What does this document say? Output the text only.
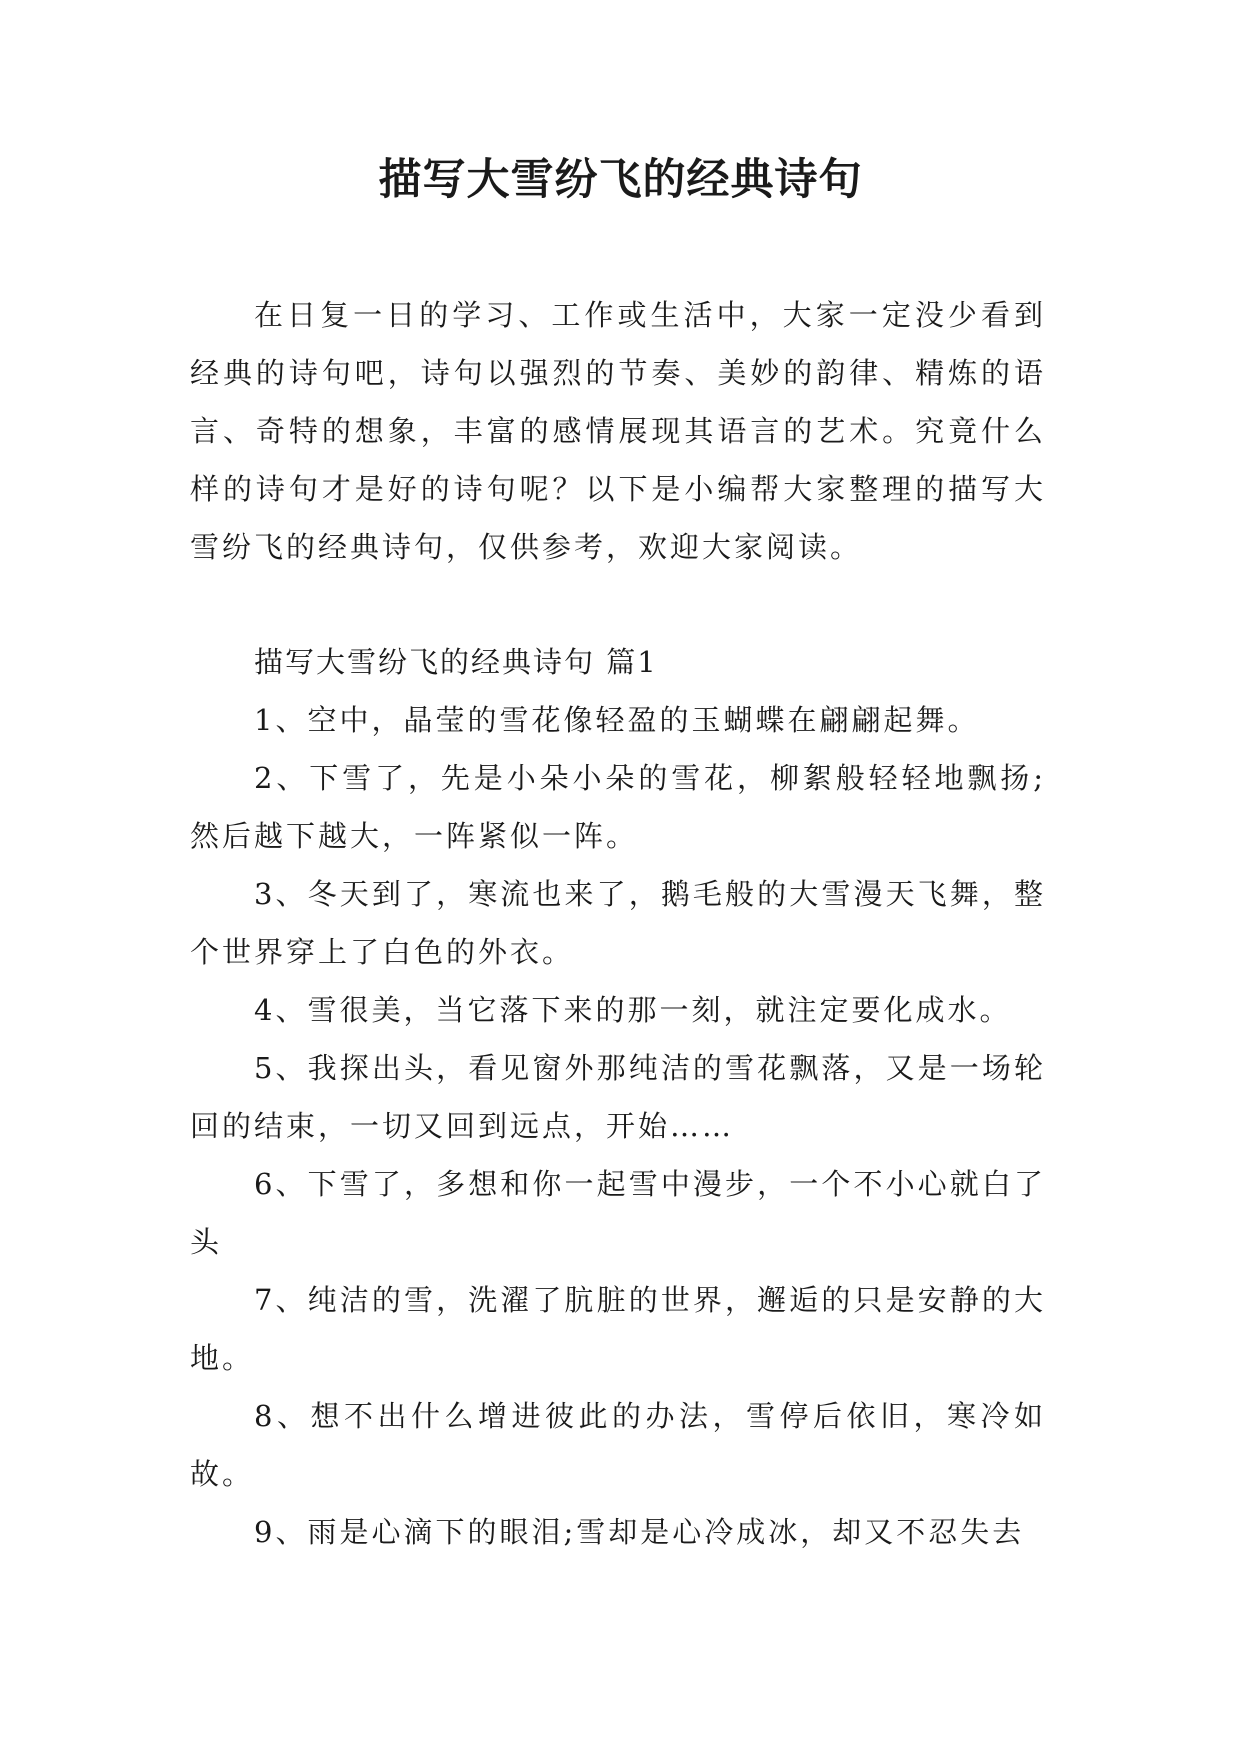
描写大雪纷飞的经典诗句

在日复一日的学习、工作或生活中，大家一定没少看到经典的诗句吧，诗句以强烈的节奏、美妙的韵律、精炼的语言、奇特的想象，丰富的感情展现其语言的艺术。究竟什么样的诗句才是好的诗句呢？以下是小编帮大家整理的描写大雪纷飞的经典诗句，仅供参考，欢迎大家阅读。

描写大雪纷飞的经典诗句 篇1

1、空中，晶莹的雪花像轻盈的玉蝴蝶在翩翩起舞。
2、下雪了，先是小朵小朵的雪花，柳絮般轻轻地飘扬;然后越下越大，一阵紧似一阵。
3、冬天到了，寒流也来了，鹅毛般的大雪漫天飞舞，整个世界穿上了白色的外衣。
4、雪很美，当它落下来的那一刻，就注定要化成水。
5、我探出头，看见窗外那纯洁的雪花飘落，又是一场轮回的结束，一切又回到远点，开始……
6、下雪了，多想和你一起雪中漫步，一个不小心就白了头
7、纯洁的雪，洗濯了肮脏的世界，邂逅的只是安静的大地。
8、想不出什么增进彼此的办法，雪停后依旧，寒冷如故。
9、雨是心滴下的眼泪;雪却是心冷成冰，却又不忍失去
